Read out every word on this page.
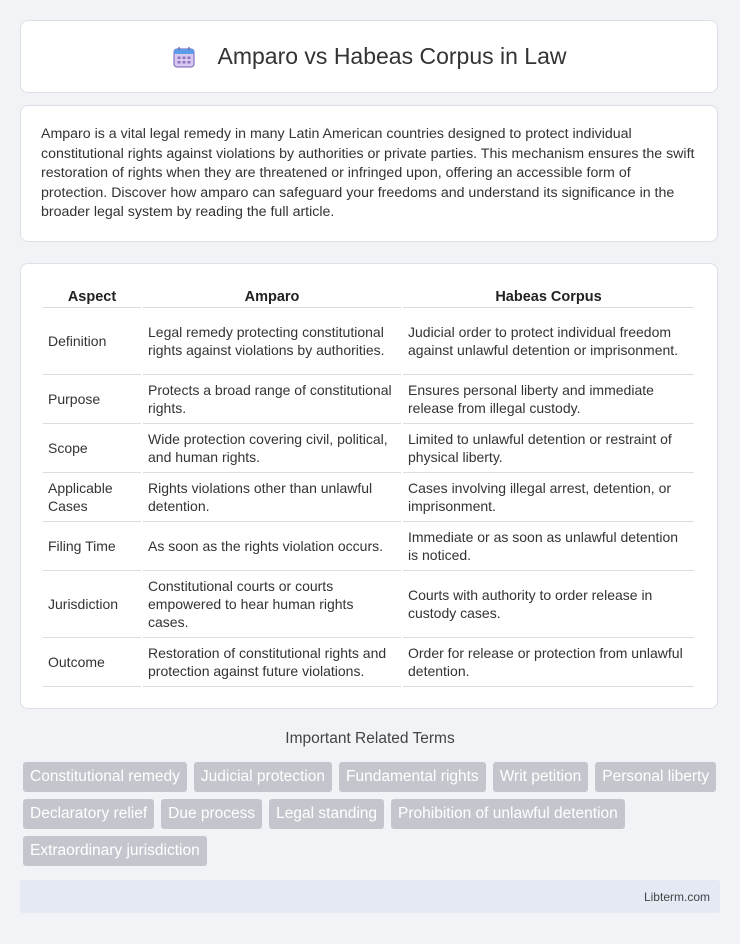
Amparo vs Habeas Corpus in Law
Amparo is a vital legal remedy in many Latin American countries designed to protect individual constitutional rights against violations by authorities or private parties. This mechanism ensures the swift restoration of rights when they are threatened or infringed upon, offering an accessible form of protection. Discover how amparo can safeguard your freedoms and understand its significance in the broader legal system by reading the full article.
Aspect	Amparo	Habeas Corpus
Definition	Legal remedy protecting constitutional rights against violations by authorities.	Judicial order to protect individual freedom against unlawful detention or imprisonment.
Purpose	Protects a broad range of constitutional rights.	Ensures personal liberty and immediate release from illegal custody.
Scope	Wide protection covering civil, political, and human rights.	Limited to unlawful detention or restraint of physical liberty.
Applicable Cases	Rights violations other than unlawful detention.	Cases involving illegal arrest, detention, or imprisonment.
Filing Time	As soon as the rights violation occurs.	Immediate or as soon as unlawful detention is noticed.
Jurisdiction	Constitutional courts or courts empowered to hear human rights cases.	Courts with authority to order release in custody cases.
Outcome	Restoration of constitutional rights and protection against future violations.	Order for release or protection from unlawful detention.
Important Related Terms
Constitutional remedy	Judicial protection	Fundamental rights	Writ petition	Personal liberty
Declaratory relief	Due process	Legal standing	Prohibition of unlawful detention
Extraordinary jurisdiction
Libterm.com
